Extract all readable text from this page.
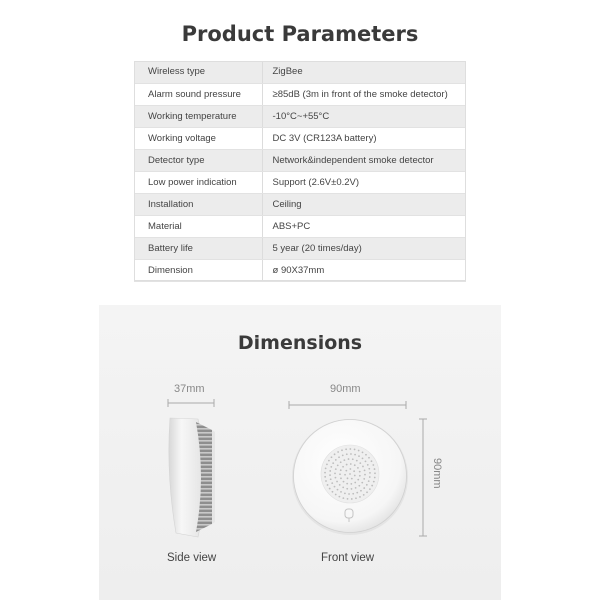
Product Parameters
Wireless type	ZigBee
Alarm sound pressure	≥85dB (3m in front of the smoke detector)
Working temperature	-10°C~+55°C
Working voltage	DC 3V (CR123A battery)
Detector type	Network&independent smoke detector
Low power indication	Support (2.6V±0.2V)
Installation	Ceiling
Material	ABS+PC
Battery life	5 year (20 times/day)
Dimension	ø 90X37mm
Dimensions
37mm	90mm
90mm
Side view	Front view
